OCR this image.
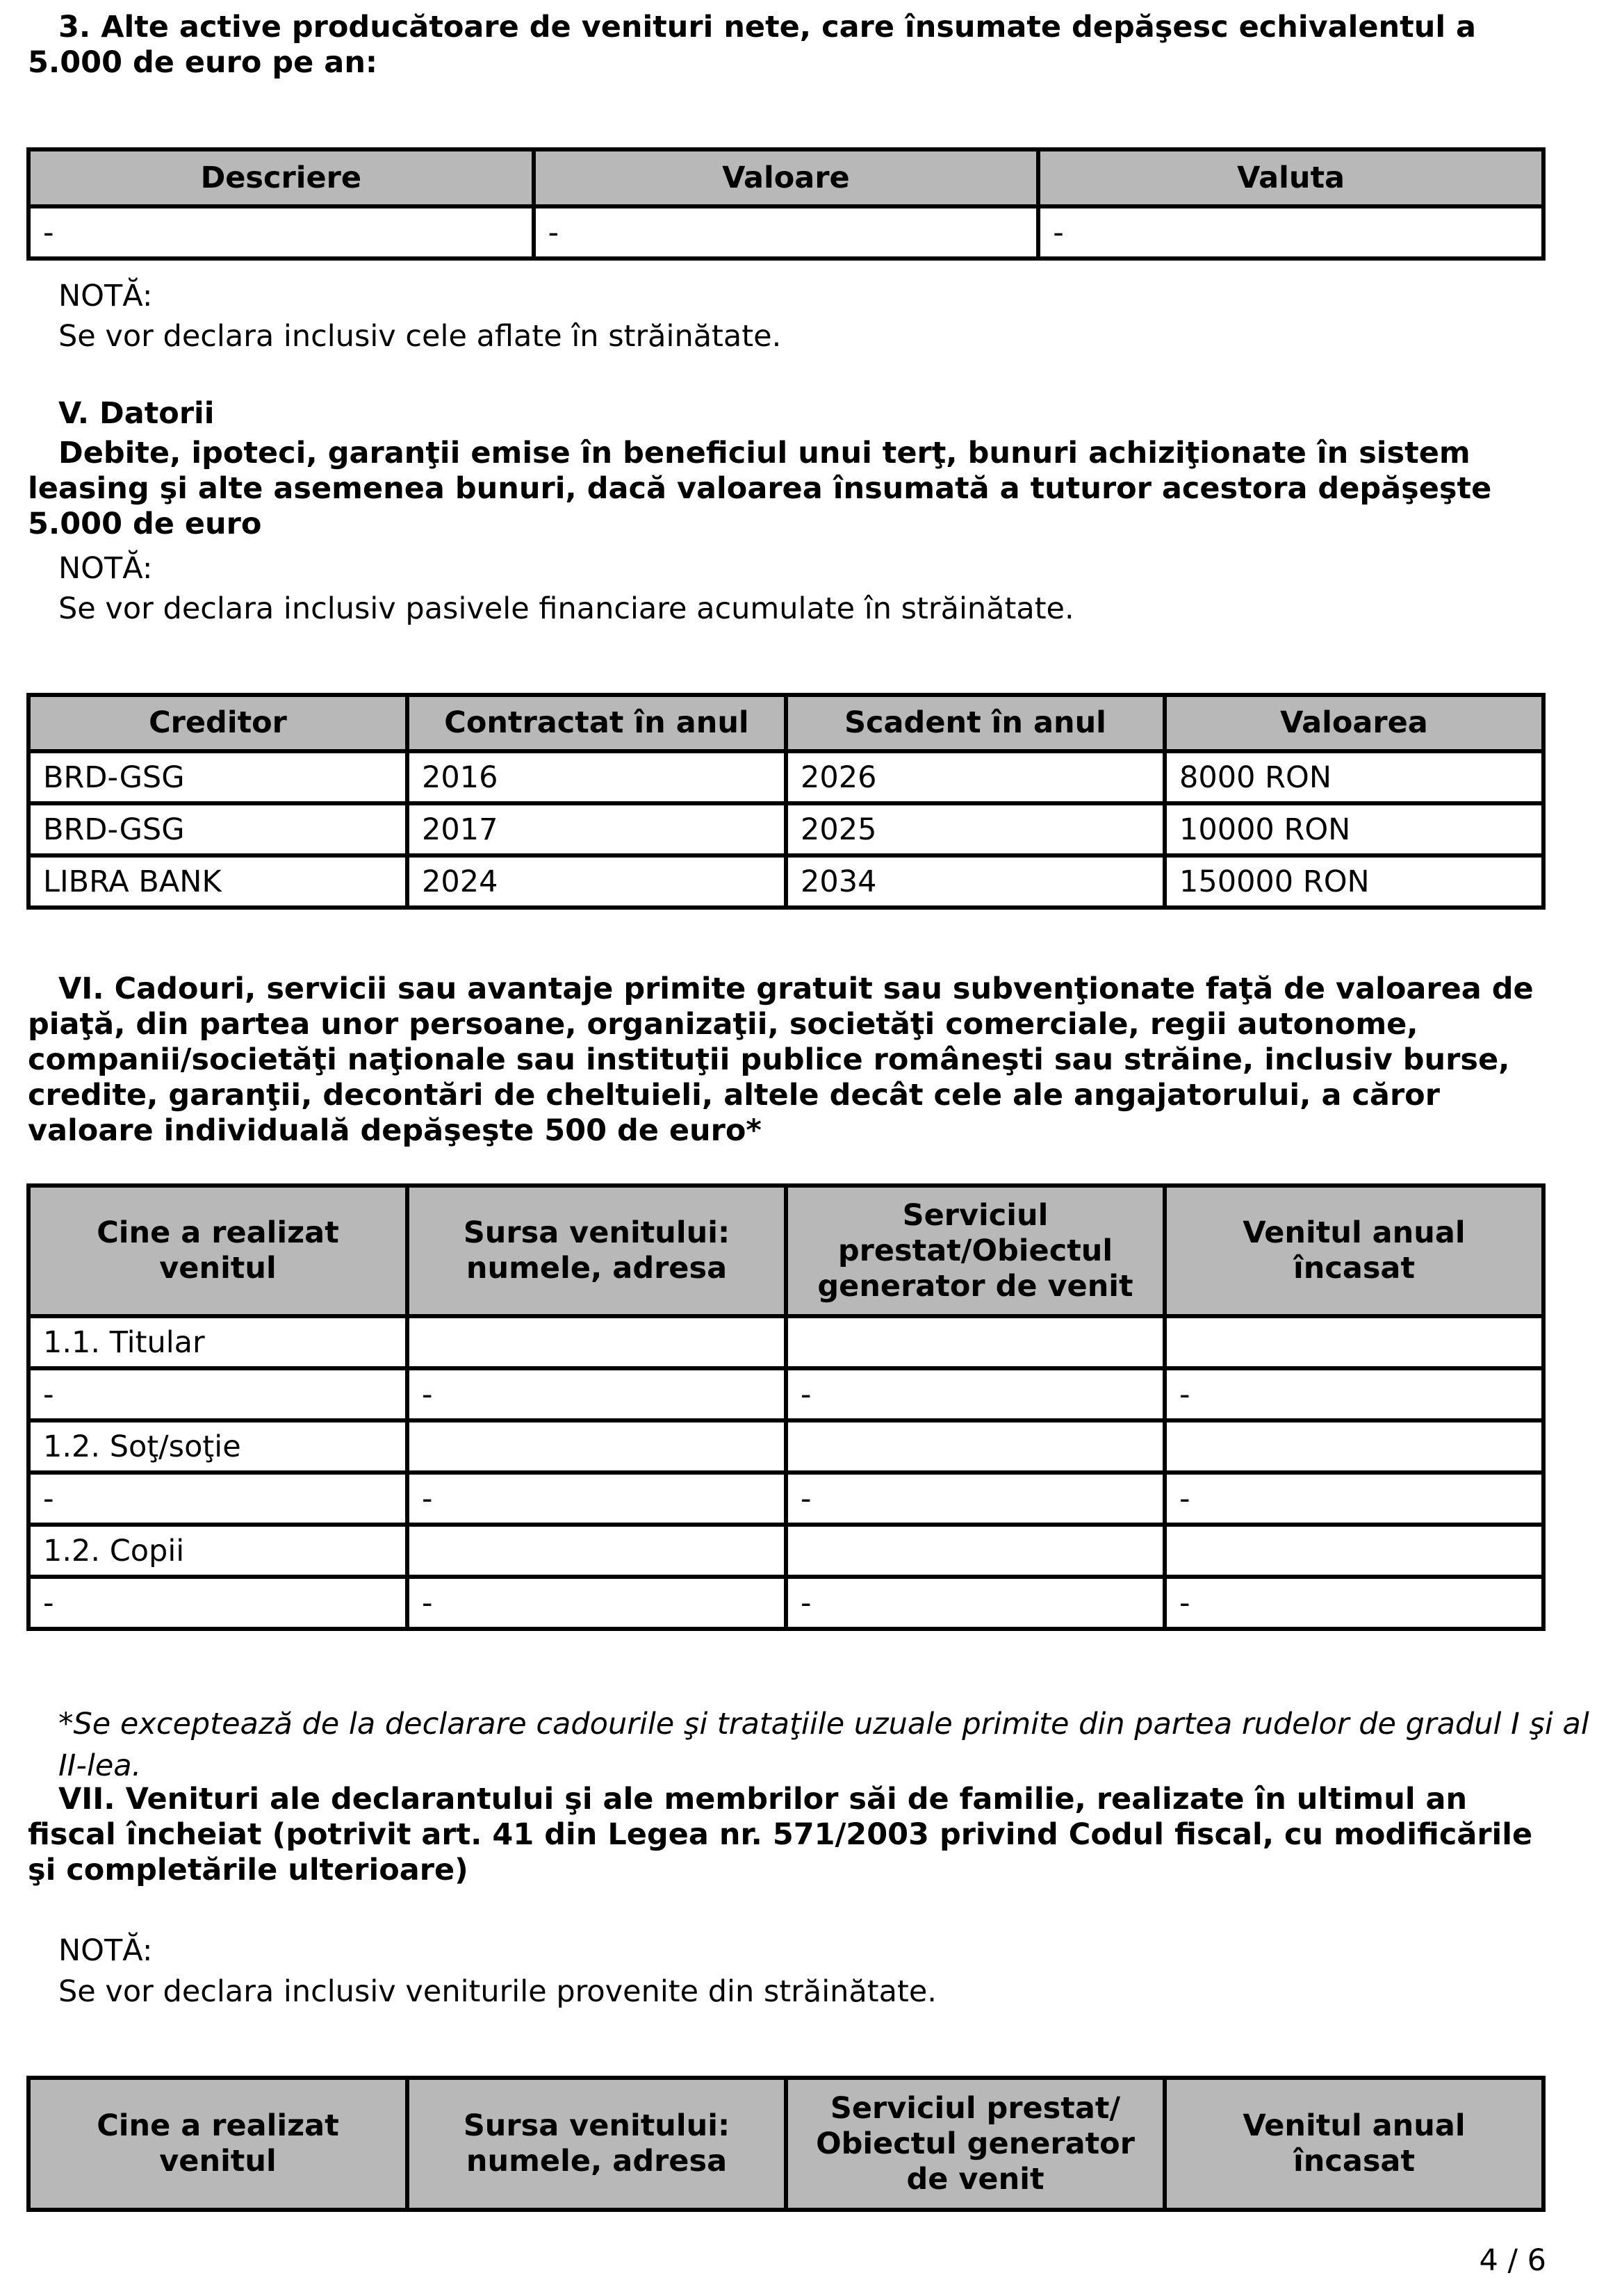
3. Alte active producătoare de venituri nete, care însumate depăşesc echivalentul a 5.000 de euro pe an:

Descriere	Valoare	Valuta
-	-	-

NOTĂ:

Se vor declara inclusiv cele aflate în străinătate.

V. Datorii

Debite, ipoteci, garanţii emise în beneficiul unui terţ, bunuri achiziţionate în sistem leasing şi alte asemenea bunuri, dacă valoarea însumată a tuturor acestora depăşeşte 5.000 de euro

NOTĂ:

Se vor declara inclusiv pasivele financiare acumulate în străinătate.

Creditor	Contractat în anul	Scadent în anul	Valoarea
BRD-GSG	2016	2026	8000 RON
BRD-GSG	2017	2025	10000 RON
LIBRA BANK	2024	2034	150000 RON

VI. Cadouri, servicii sau avantaje primite gratuit sau subvenţionate faţă de valoarea de piaţă, din partea unor persoane, organizaţii, societăţi comerciale, regii autonome, companii/societăţi naţionale sau instituţii publice româneşti sau străine, inclusiv burse, credite, garanţii, decontări de cheltuieli, altele decât cele ale angajatorului, a căror valoare individuală depăşeşte 500 de euro*

Cine a realizat venitul	Sursa venitului: numele, adresa	Serviciul prestat/Obiectul generator de venit	Venitul anual încasat
1.1. Titular			
-	-	-	-
1.2. Soţ/soţie			
-	-	-	-
1.2. Copii			
-	-	-	-

*Se exceptează de la declarare cadourile şi trataţiile uzuale primite din partea rudelor de gradul I şi al II-lea.

VII. Venituri ale declarantului şi ale membrilor săi de familie, realizate în ultimul an fiscal încheiat (potrivit art. 41 din Legea nr. 571/2003 privind Codul fiscal, cu modificările şi completările ulterioare)

NOTĂ:

Se vor declara inclusiv veniturile provenite din străinătate.

Cine a realizat venitul	Sursa venitului: numele, adresa	Serviciul prestat/ Obiectul generator de venit	Venitul anual încasat

4 / 6
